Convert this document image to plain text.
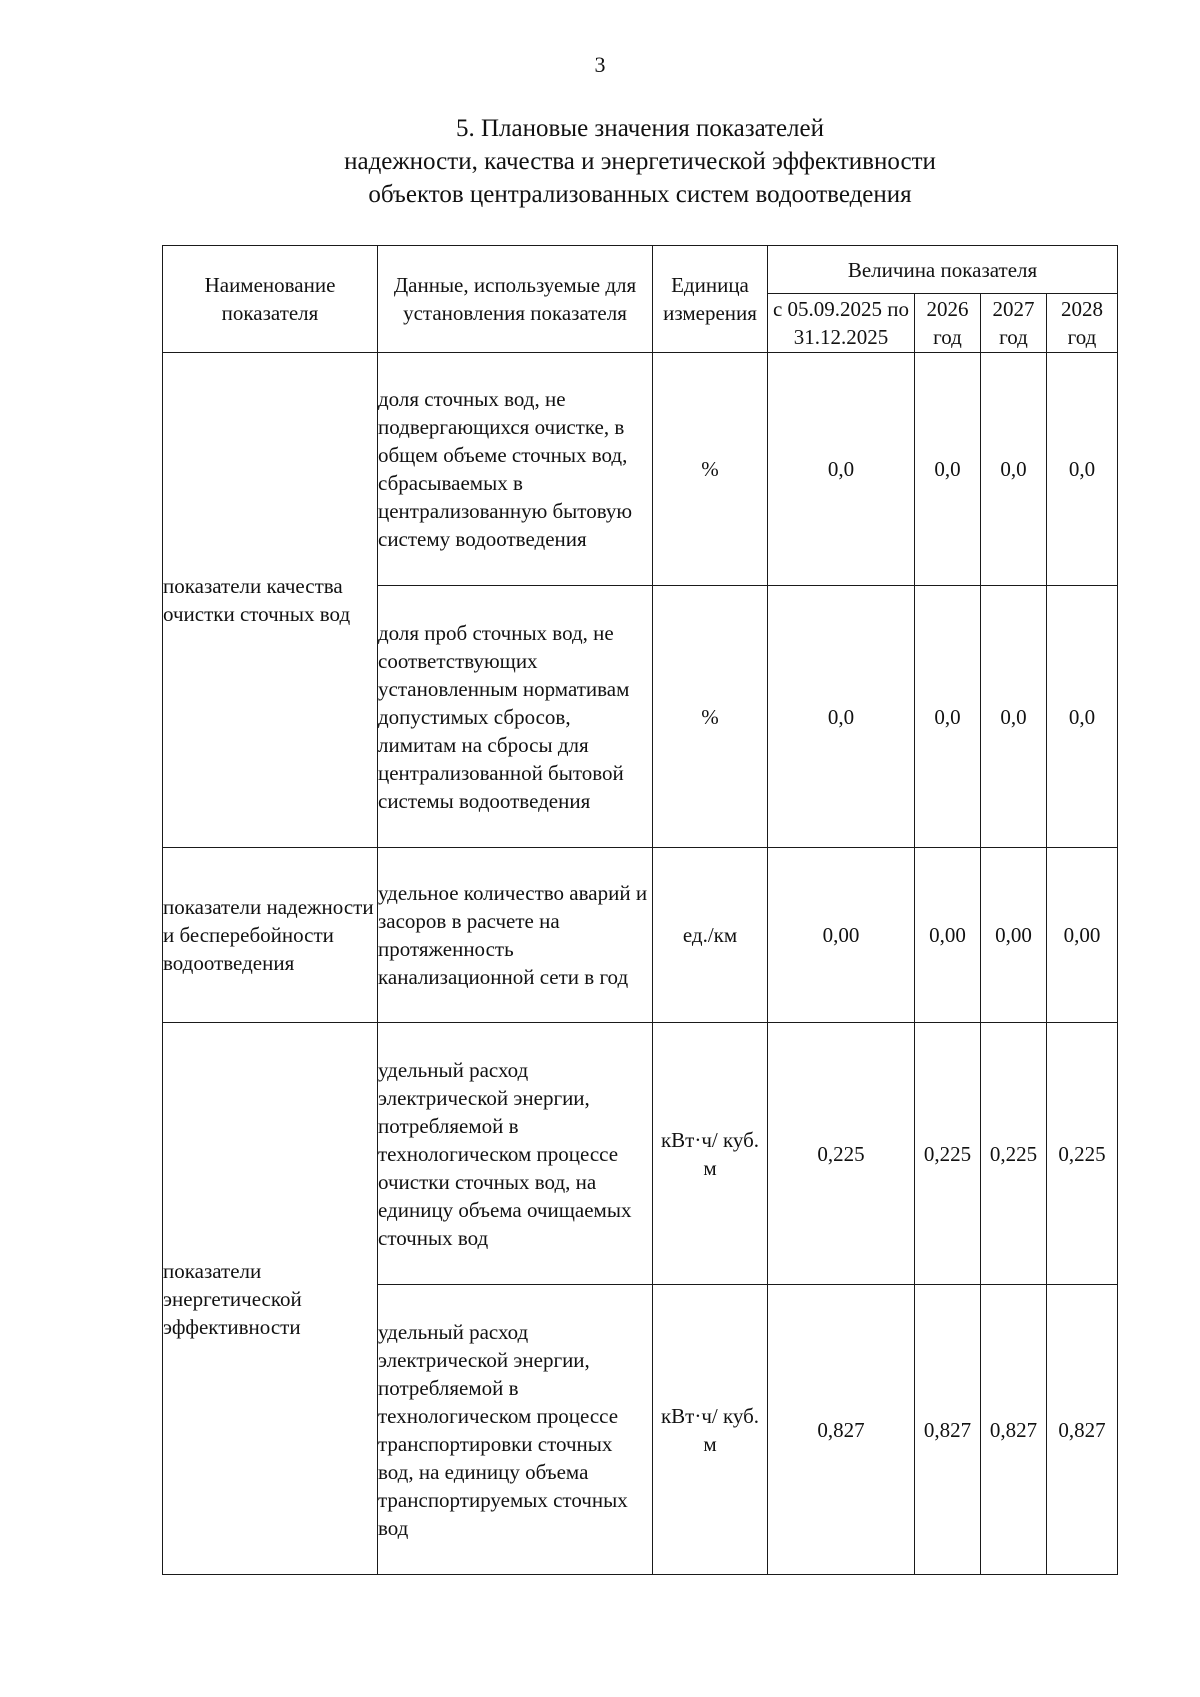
3
5. Плановые значения показателей
надежности, качества и энергетической эффективности
объектов централизованных систем водоотведения
Наименование показателя	Данные, используемые для установления показателя	Единица измерения	Величина показателя			
			с 05.09.2025 по 31.12.2025	2026 год	2027 год	2028 год
показатели качества очистки сточных вод	доля сточных вод, не подвергающихся очистке, в общем объеме сточных вод, сбрасываемых в централизованную бытовую систему водоотведения	%	0,0	0,0	0,0	0,0
	доля проб сточных вод, не соответствующих установленным нормативам допустимых сбросов, лимитам на сбросы для централизованной бытовой системы водоотведения	%	0,0	0,0	0,0	0,0
показатели надежности и бесперебойности водоотведения	удельное количество аварий и засоров в расчете на протяженность канализационной сети в год	ед./км	0,00	0,00	0,00	0,00
показатели энергетической эффективности	удельный расход электрической энергии, потребляемой в технологическом процессе очистки сточных вод, на единицу объема очищаемых сточных вод	кВт·ч/ куб. м	0,225	0,225	0,225	0,225
	удельный расход электрической энергии, потребляемой в технологическом процессе транспортировки сточных вод, на единицу объема транспортируемых сточных вод	кВт·ч/ куб. м	0,827	0,827	0,827	0,827
